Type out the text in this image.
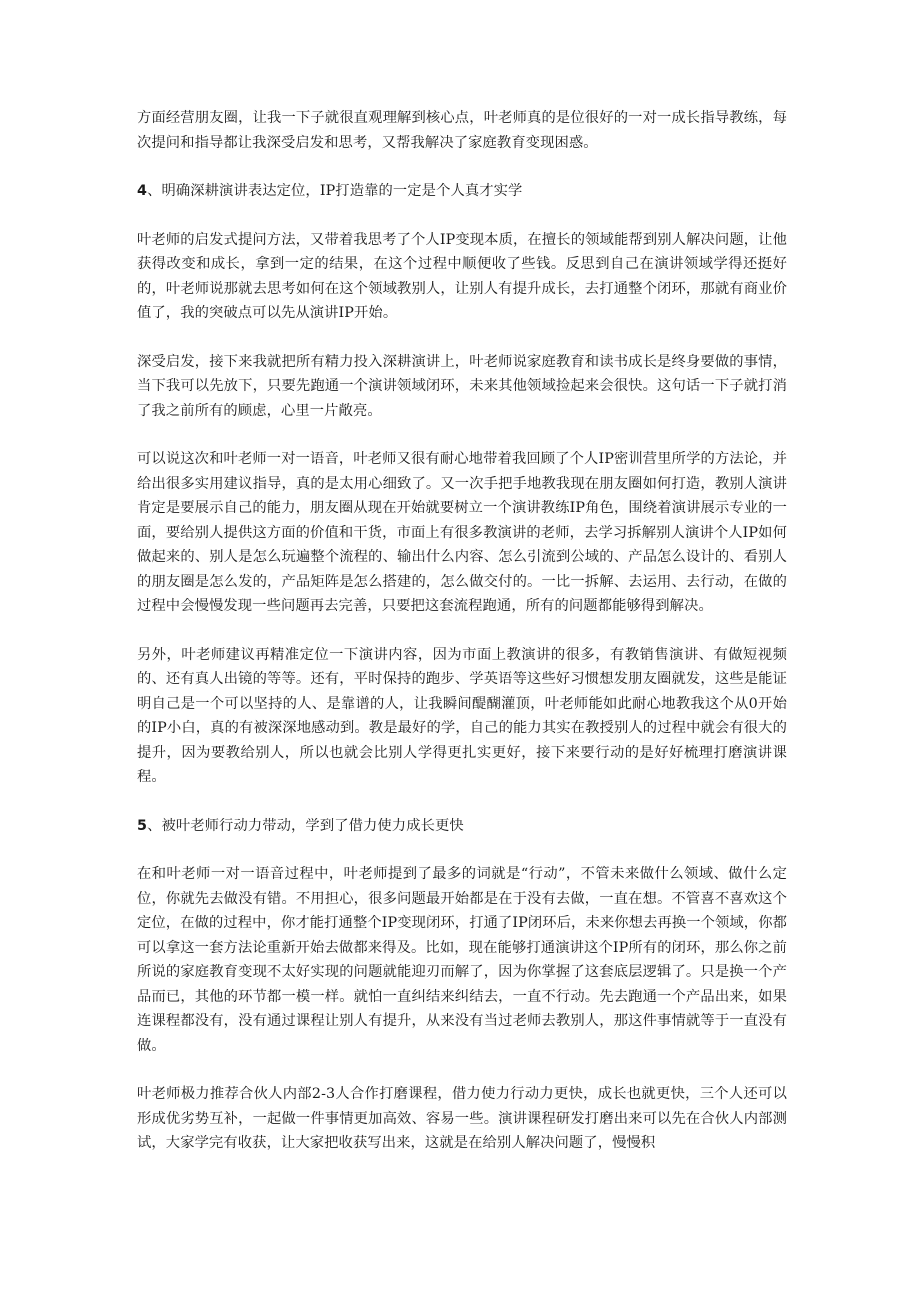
方面经营朋友圈，让我一下子就很直观理解到核心点，叶老师真的是位很好的一对一成长指导教练，每次提问和指导都让我深受启发和思考，又帮我解决了家庭教育变现困惑。

4、明确深耕演讲表达定位，IP打造靠的一定是个人真才实学

叶老师的启发式提问方法，又带着我思考了个人IP变现本质，在擅长的领域能帮到别人解决问题，让他获得改变和成长，拿到一定的结果，在这个过程中顺便收了些钱。反思到自己在演讲领域学得还挺好的，叶老师说那就去思考如何在这个领域教别人，让别人有提升成长，去打通整个闭环，那就有商业价值了，我的突破点可以先从演讲IP开始。

深受启发，接下来我就把所有精力投入深耕演讲上，叶老师说家庭教育和读书成长是终身要做的事情，当下我可以先放下，只要先跑通一个演讲领域闭环，未来其他领域捡起来会很快。这句话一下子就打消了我之前所有的顾虑，心里一片敞亮。

可以说这次和叶老师一对一语音，叶老师又很有耐心地带着我回顾了个人IP密训营里所学的方法论，并给出很多实用建议指导，真的是太用心细致了。又一次手把手地教我现在朋友圈如何打造，教别人演讲肯定是要展示自己的能力，朋友圈从现在开始就要树立一个演讲教练IP角色，围绕着演讲展示专业的一面，要给别人提供这方面的价值和干货，市面上有很多教演讲的老师，去学习拆解别人演讲个人IP如何做起来的、别人是怎么玩遍整个流程的、输出什么内容、怎么引流到公域的、产品怎么设计的、看别人的朋友圈是怎么发的，产品矩阵是怎么搭建的，怎么做交付的。一比一拆解、去运用、去行动，在做的过程中会慢慢发现一些问题再去完善，只要把这套流程跑通，所有的问题都能够得到解决。

另外，叶老师建议再精准定位一下演讲内容，因为市面上教演讲的很多，有教销售演讲、有做短视频的、还有真人出镜的等等。还有，平时保持的跑步、学英语等这些好习惯想发朋友圈就发，这些是能证明自己是一个可以坚持的人、是靠谱的人，让我瞬间醍醐灌顶，叶老师能如此耐心地教我这个从0开始的IP小白，真的有被深深地感动到。教是最好的学，自己的能力其实在教授别人的过程中就会有很大的提升，因为要教给别人，所以也就会比别人学得更扎实更好，接下来要行动的是好好梳理打磨演讲课程。

5、被叶老师行动力带动，学到了借力使力成长更快

在和叶老师一对一语音过程中，叶老师提到了最多的词就是“行动”，不管未来做什么领域、做什么定位，你就先去做没有错。不用担心，很多问题最开始都是在于没有去做，一直在想。不管喜不喜欢这个定位，在做的过程中，你才能打通整个IP变现闭环，打通了IP闭环后，未来你想去再换一个领域，你都可以拿这一套方法论重新开始去做都来得及。比如，现在能够打通演讲这个IP所有的闭环，那么你之前所说的家庭教育变现不太好实现的问题就能迎刃而解了，因为你掌握了这套底层逻辑了。只是换一个产品而已，其他的环节都一模一样。就怕一直纠结来纠结去，一直不行动。先去跑通一个产品出来，如果连课程都没有，没有通过课程让别人有提升，从来没有当过老师去教别人，那这件事情就等于一直没有做。

叶老师极力推荐合伙人内部2-3人合作打磨课程，借力使力行动力更快，成长也就更快，三个人还可以形成优劣势互补，一起做一件事情更加高效、容易一些。演讲课程研发打磨出来可以先在合伙人内部测试，大家学完有收获，让大家把收获写出来，这就是在给别人解决问题了，慢慢积
